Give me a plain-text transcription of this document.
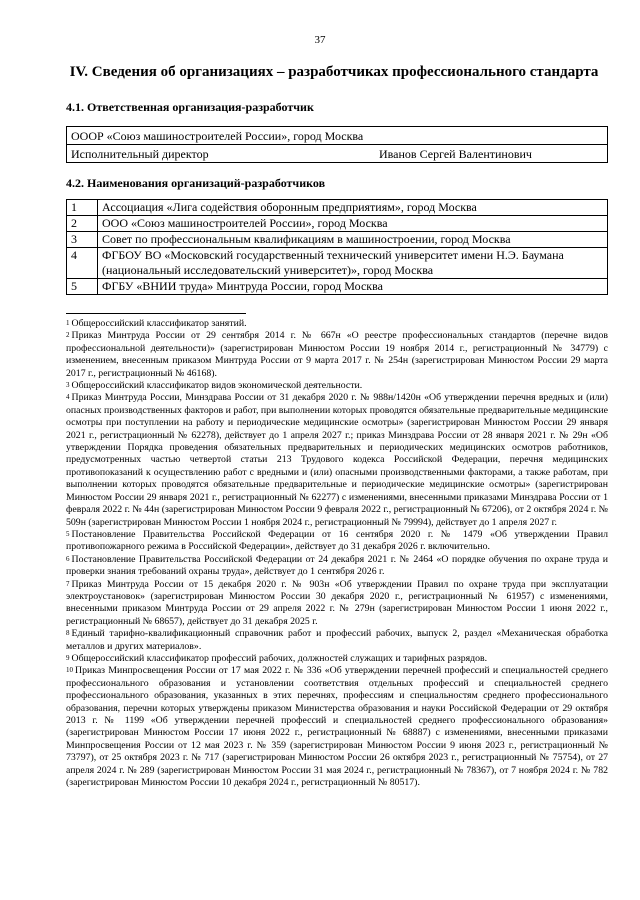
37
IV. Сведения об организациях – разработчиках профессионального стандарта
4.1. Ответственная организация-разработчик
ОООР «Союз машиностроителей России», город Москва
Исполнительный директор	Иванов Сергей Валентинович
4.2. Наименования организаций-разработчиков
1	Ассоциация «Лига содействия оборонным предприятиям», город Москва
2	ООО «Союз машиностроителей России», город Москва
3	Совет по профессиональным квалификациям в машиностроении, город Москва
4	ФГБОУ ВО «Московский государственный технический университет имени Н.Э. Баумана (национальный исследовательский университет)», город Москва
5	ФГБУ «ВНИИ труда» Минтруда России, город Москва

$^1$ Общероссийский классификатор занятий.

$^2$ Приказ Минтруда России от 29 сентября 2014 г. № 667н «О реестре профессиональных стандартов (перечне видов профессиональной деятельности)» (зарегистрирован Минюстом России 19 ноября 2014 г., регистрационный № 34779) с изменением, внесенным приказом Минтруда России от 9 марта 2017 г. № 254н (зарегистрирован Минюстом России 29 марта 2017 г., регистрационный № 46168).

$^3$ Общероссийский классификатор видов экономической деятельности.

$^4$ Приказ Минтруда России, Минздрава России от 31 декабря 2020 г. № 988н/1420н «Об утверждении перечня вредных и (или) опасных производственных факторов и работ, при выполнении которых проводятся обязательные предварительные медицинские осмотры при поступлении на работу и периодические медицинские осмотры» (зарегистрирован Минюстом России 29 января 2021 г., регистрационный № 62278), действует до 1 апреля 2027 г.; приказ Минздрава России от 28 января 2021 г. № 29н «Об утверждении Порядка проведения обязательных предварительных и периодических медицинских осмотров работников, предусмотренных частью четвертой статьи 213 Трудового кодекса Российской Федерации, перечня медицинских противопоказаний к осуществлению работ с вредными и (или) опасными производственными факторами, а также работам, при выполнении которых проводятся обязательные предварительные и периодические медицинские осмотры» (зарегистрирован Минюстом России 29 января 2021 г., регистрационный № 62277) с изменениями, внесенными приказами Минздрава России от 1 февраля 2022 г. № 44н (зарегистрирован Минюстом России 9 февраля 2022 г., регистрационный № 67206), от 2 октября 2024 г. № 509н (зарегистрирован Минюстом России 1 ноября 2024 г., регистрационный № 79994), действует до 1 апреля 2027 г.

$^5$ Постановление Правительства Российской Федерации от 16 сентября 2020 г. № 1479 «Об утверждении Правил противопожарного режима в Российской Федерации», действует до 31 декабря 2026 г. включительно.

$^6$ Постановление Правительства Российской Федерации от 24 декабря 2021 г. № 2464 «О порядке обучения по охране труда и проверки знания требований охраны труда», действует до 1 сентября 2026 г.

$^7$ Приказ Минтруда России от 15 декабря 2020 г. № 903н «Об утверждении Правил по охране труда при эксплуатации электроустановок» (зарегистрирован Минюстом России 30 декабря 2020 г., регистрационный № 61957) с изменениями, внесенными приказом Минтруда России от 29 апреля 2022 г. № 279н (зарегистрирован Минюстом России 1 июня 2022 г., регистрационный № 68657), действует до 31 декабря 2025 г.

$^8$ Единый тарифно-квалификационный справочник работ и профессий рабочих, выпуск 2, раздел «Механическая обработка металлов и других материалов».

$^9$ Общероссийский классификатор профессий рабочих, должностей служащих и тарифных разрядов.

$^{10}$ Приказ Минпросвещения России от 17 мая 2022 г. № 336 «Об утверждении перечней профессий и специальностей среднего профессионального образования и установлении соответствия отдельных профессий и специальностей среднего профессионального образования, указанных в этих перечнях, профессиям и специальностям среднего профессионального образования, перечни которых утверждены приказом Министерства образования и науки Российской Федерации от 29 октября 2013 г. № 1199 «Об утверждении перечней профессий и специальностей среднего профессионального образования» (зарегистрирован Минюстом России 17 июня 2022 г., регистрационный № 68887) с изменениями, внесенными приказами Минпросвещения России от 12 мая 2023 г. № 359 (зарегистрирован Минюстом России 9 июня 2023 г., регистрационный № 73797), от 25 октября 2023 г. № 717 (зарегистрирован Минюстом России 26 октября 2023 г., регистрационный № 75754), от 27 апреля 2024 г. № 289 (зарегистрирован Минюстом России 31 мая 2024 г., регистрационный № 78367), от 7 ноября 2024 г. № 782 (зарегистрирован Минюстом России 10 декабря 2024 г., регистрационный № 80517).
